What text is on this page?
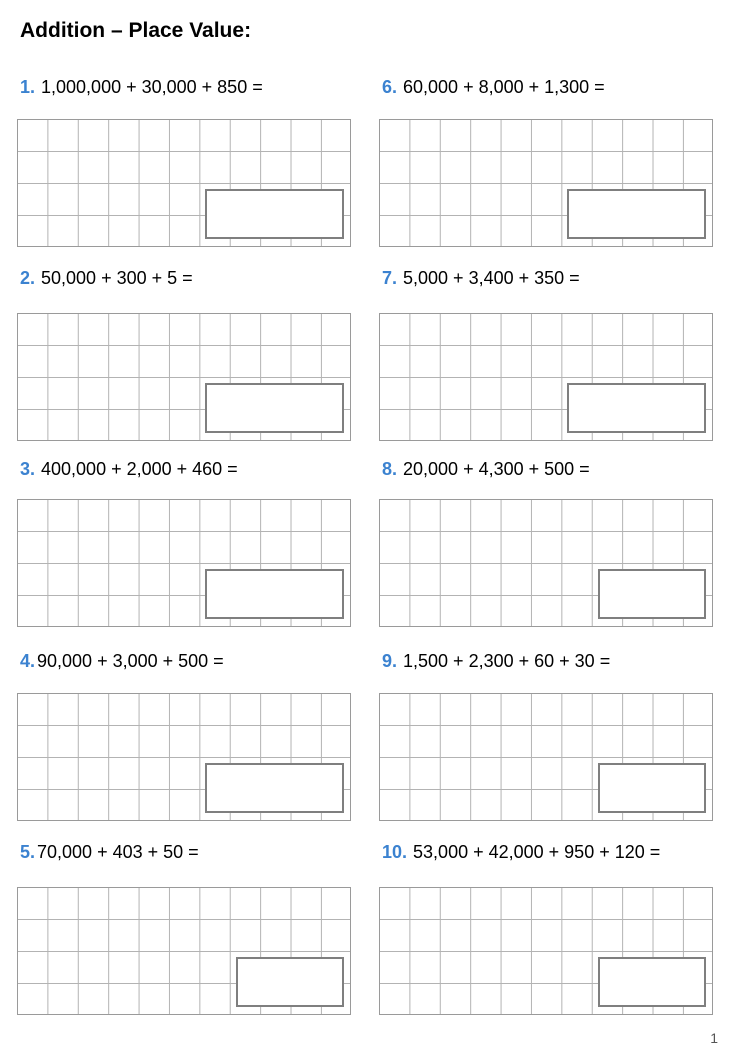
Addition – Place Value:
1. 1,000,000 + 30,000 + 850 =
2. 50,000 + 300 + 5 =
3. 400,000 + 2,000 + 460 =
4. 90,000 + 3,000 + 500 =
5. 70,000 + 403 + 50 =
6. 60,000 + 8,000 + 1,300 =
7. 5,000 + 3,400 + 350 =
8. 20,000 + 4,300 + 500 =
9. 1,500 + 2,300 + 60 + 30 =
10. 53,000 + 42,000 + 950 + 120 =
1
